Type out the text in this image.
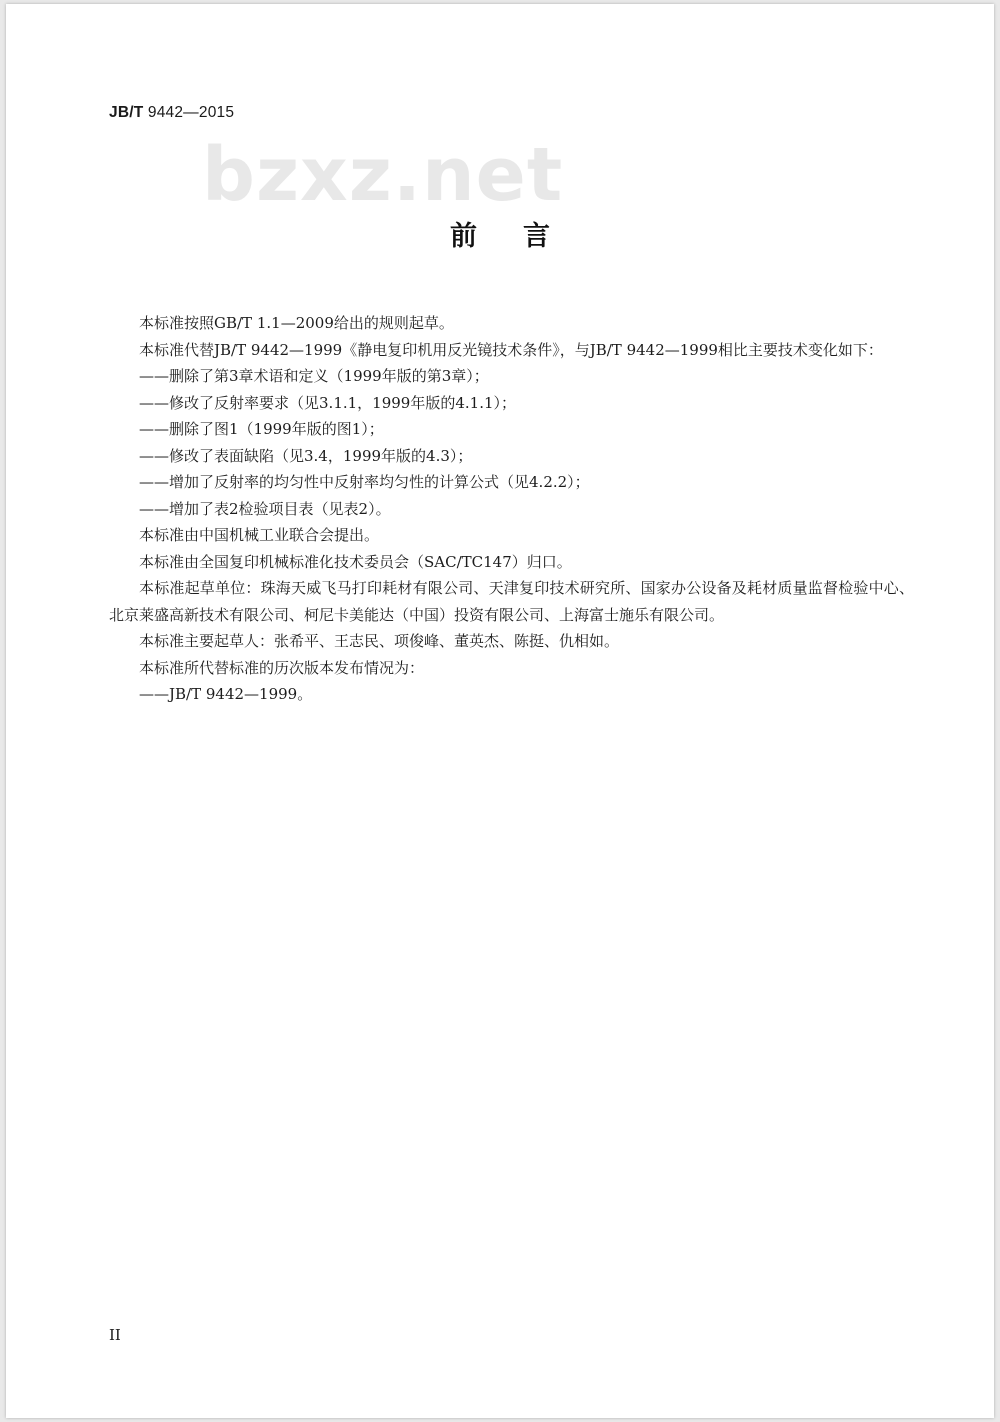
JB/T 9442—2015
bzxz.net
前言

本标准按照GB/T 1.1—2009给出的规则起草。

本标准代替JB/T 9442—1999《静电复印机用反光镜技术条件》，与JB/T 9442—1999相比主要技术变化如下：

——删除了第3章术语和定义（1999年版的第3章）；

——修改了反射率要求（见3.1.1，1999年版的4.1.1）；

——删除了图1（1999年版的图1）；

——修改了表面缺陷（见3.4，1999年版的4.3）；

——增加了反射率的均匀性中反射率均匀性的计算公式（见4.2.2）；

——增加了表2检验项目表（见表2）。

本标准由中国机械工业联合会提出。

本标准由全国复印机械标准化技术委员会（SAC/TC147）归口。

本标准起草单位：珠海天威飞马打印耗材有限公司、天津复印技术研究所、国家办公设备及耗材质量监督检验中心、北京莱盛高新技术有限公司、柯尼卡美能达（中国）投资有限公司、上海富士施乐有限公司。

本标准主要起草人：张希平、王志民、项俊峰、董英杰、陈挺、仇相如。

本标准所代替标准的历次版本发布情况为：

——JB/T 9442—1999。

II
